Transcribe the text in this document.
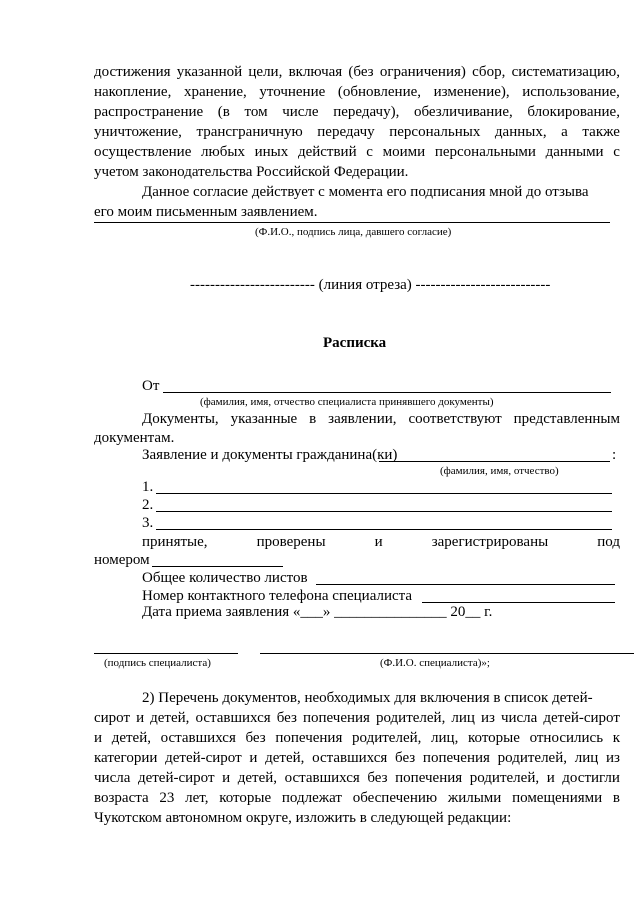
достижения указанной цели, включая (без ограничения) сбор, систематизацию,
накопление, хранение, уточнение (обновление, изменение), использование,
распространение (в том числе передачу), обезличивание, блокирование,
уничтожение, трансграничную передачу персональных данных, а также
осуществление любых иных действий с моими персональными данными с
учетом законодательства Российской Федерации.
Данное согласие действует с момента его подписания мной до отзыва
его моим письменным заявлением.
(Ф.И.О., подпись лица, давшего согласие)
------------------------- (линия отреза) ---------------------------
Расписка
От
(фамилия, имя, отчество специалиста принявшего документы)
Документы, указанные в заявлении, соответствуют представленным
документам.
Заявление и документы гражданина(ки)	:
(фамилия, имя, отчество)
1.
2.
3.
принятые,	проверены	и	зарегистрированы	под
номером
Общее количество листов
Номер контактного телефона специалиста
Дата приема заявления «___» _______________ 20__ г.
(подпись специалиста)	(Ф.И.О. специалиста)»;
2) Перечень документов, необходимых для включения в список детей-
сирот и детей, оставшихся без попечения родителей, лиц из числа детей-сирот
и детей, оставшихся без попечения родителей, лиц, которые относились к
категории детей-сирот и детей, оставшихся без попечения родителей, лиц из
числа детей-сирот и детей, оставшихся без попечения родителей, и достигли
возраста 23 лет, которые подлежат обеспечению жилыми помещениями в
Чукотском автономном округе, изложить в следующей редакции:
